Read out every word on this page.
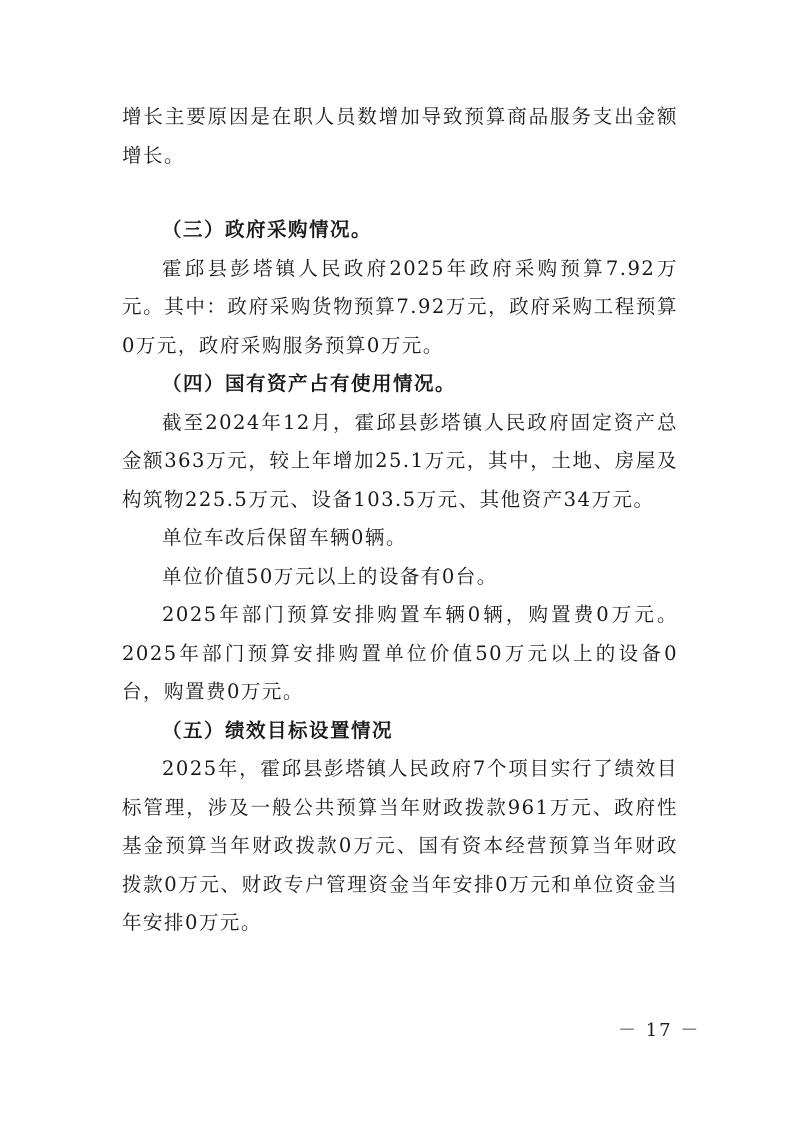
增长主要原因是在职人员数增加导致预算商品服务支出金额增长。

（三）政府采购情况。

霍邱县彭塔镇人民政府2025年政府采购预算7.92万元。其中：政府采购货物预算7.92万元，政府采购工程预算0万元，政府采购服务预算0万元。

（四）国有资产占有使用情况。

截至2024年12月，霍邱县彭塔镇人民政府固定资产总金额363万元，较上年增加25.1万元，其中，土地、房屋及构筑物225.5万元、设备103.5万元、其他资产34万元。

单位车改后保留车辆0辆。

单位价值50万元以上的设备有0台。

2025年部门预算安排购置车辆0辆，购置费0万元。2025年部门预算安排购置单位价值50万元以上的设备0台，购置费0万元。

（五）绩效目标设置情况

2025年，霍邱县彭塔镇人民政府7个项目实行了绩效目标管理，涉及一般公共预算当年财政拨款961万元、政府性基金预算当年财政拨款0万元、国有资本经营预算当年财政拨款0万元、财政专户管理资金当年安排0万元和单位资金当年安排0万元。

－ 17 －
